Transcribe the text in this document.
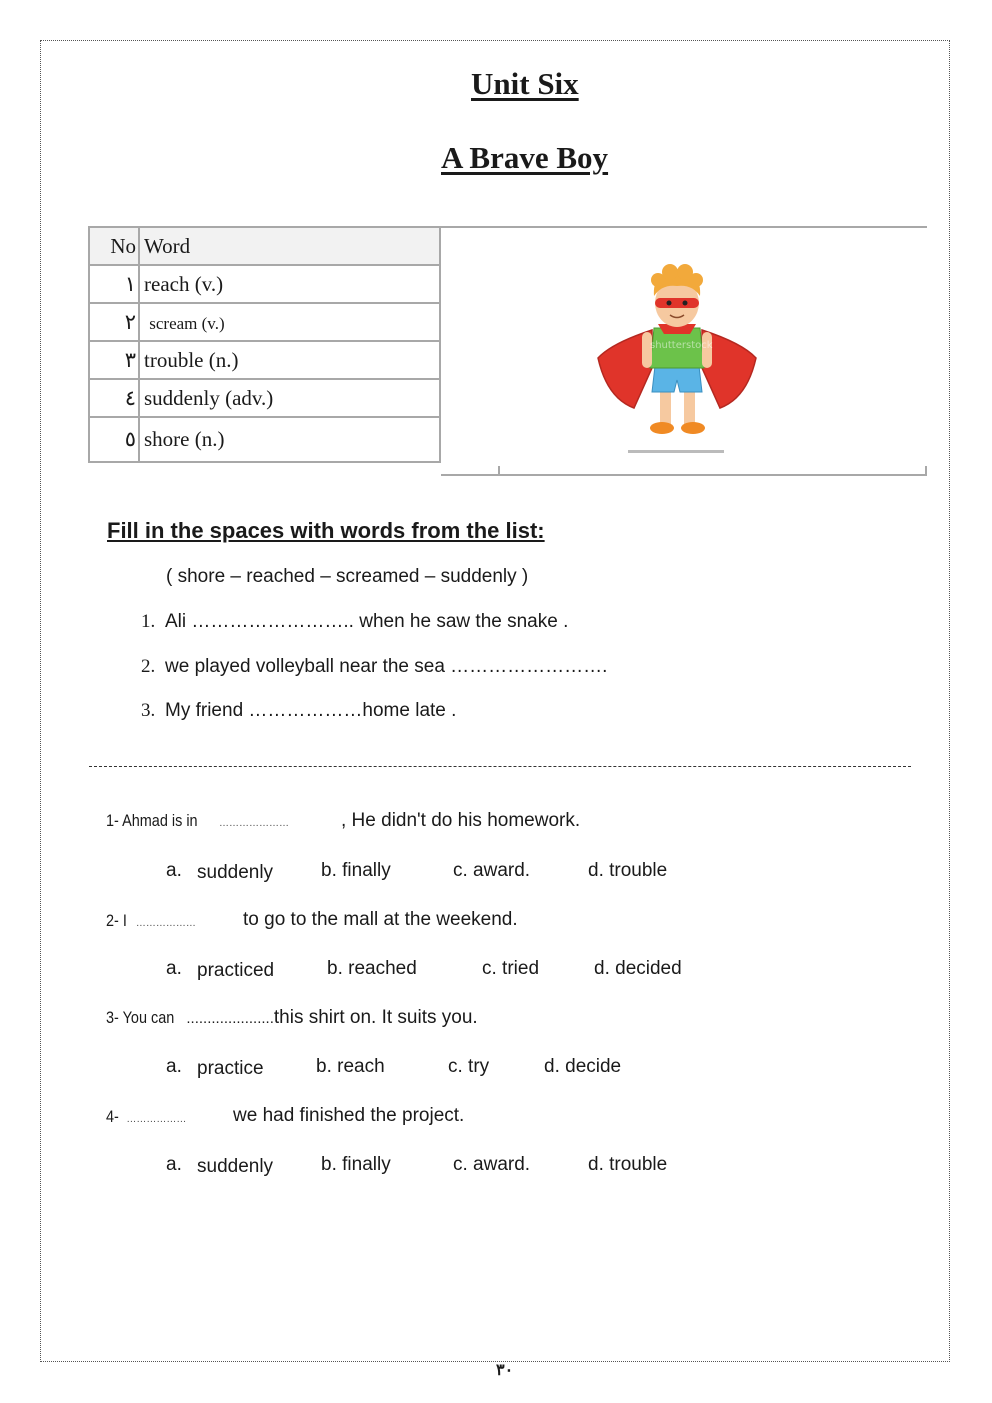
Unit Six
A Brave Boy
No	Word
١	reach (v.)
٢	scream (v.)
٣	trouble (n.)
٤	suddenly (adv.)
٥	shore (n.)
shutterstock
Fill in the spaces with words from the list:
( shore – reached – screamed – suddenly )
1. Ali …………………….. when he saw the snake .
2. we played volleyball near the sea …………………….
3. My friend ………………home late .
1- Ahmad is in …………………	, He didn't do his homework.
a. suddenly	b. finally	c. award.	d. trouble
2- I ……………… to go to the mall at the weekend.
a. practiced	b. reached	c. tried	d. decided
3- You can .....................this shirt on. It suits you.
a. practice	b. reach	c. try	d. decide
4- ……………… we had finished the project.
a. suddenly	b. finally	c. award.	d. trouble
٣٠
